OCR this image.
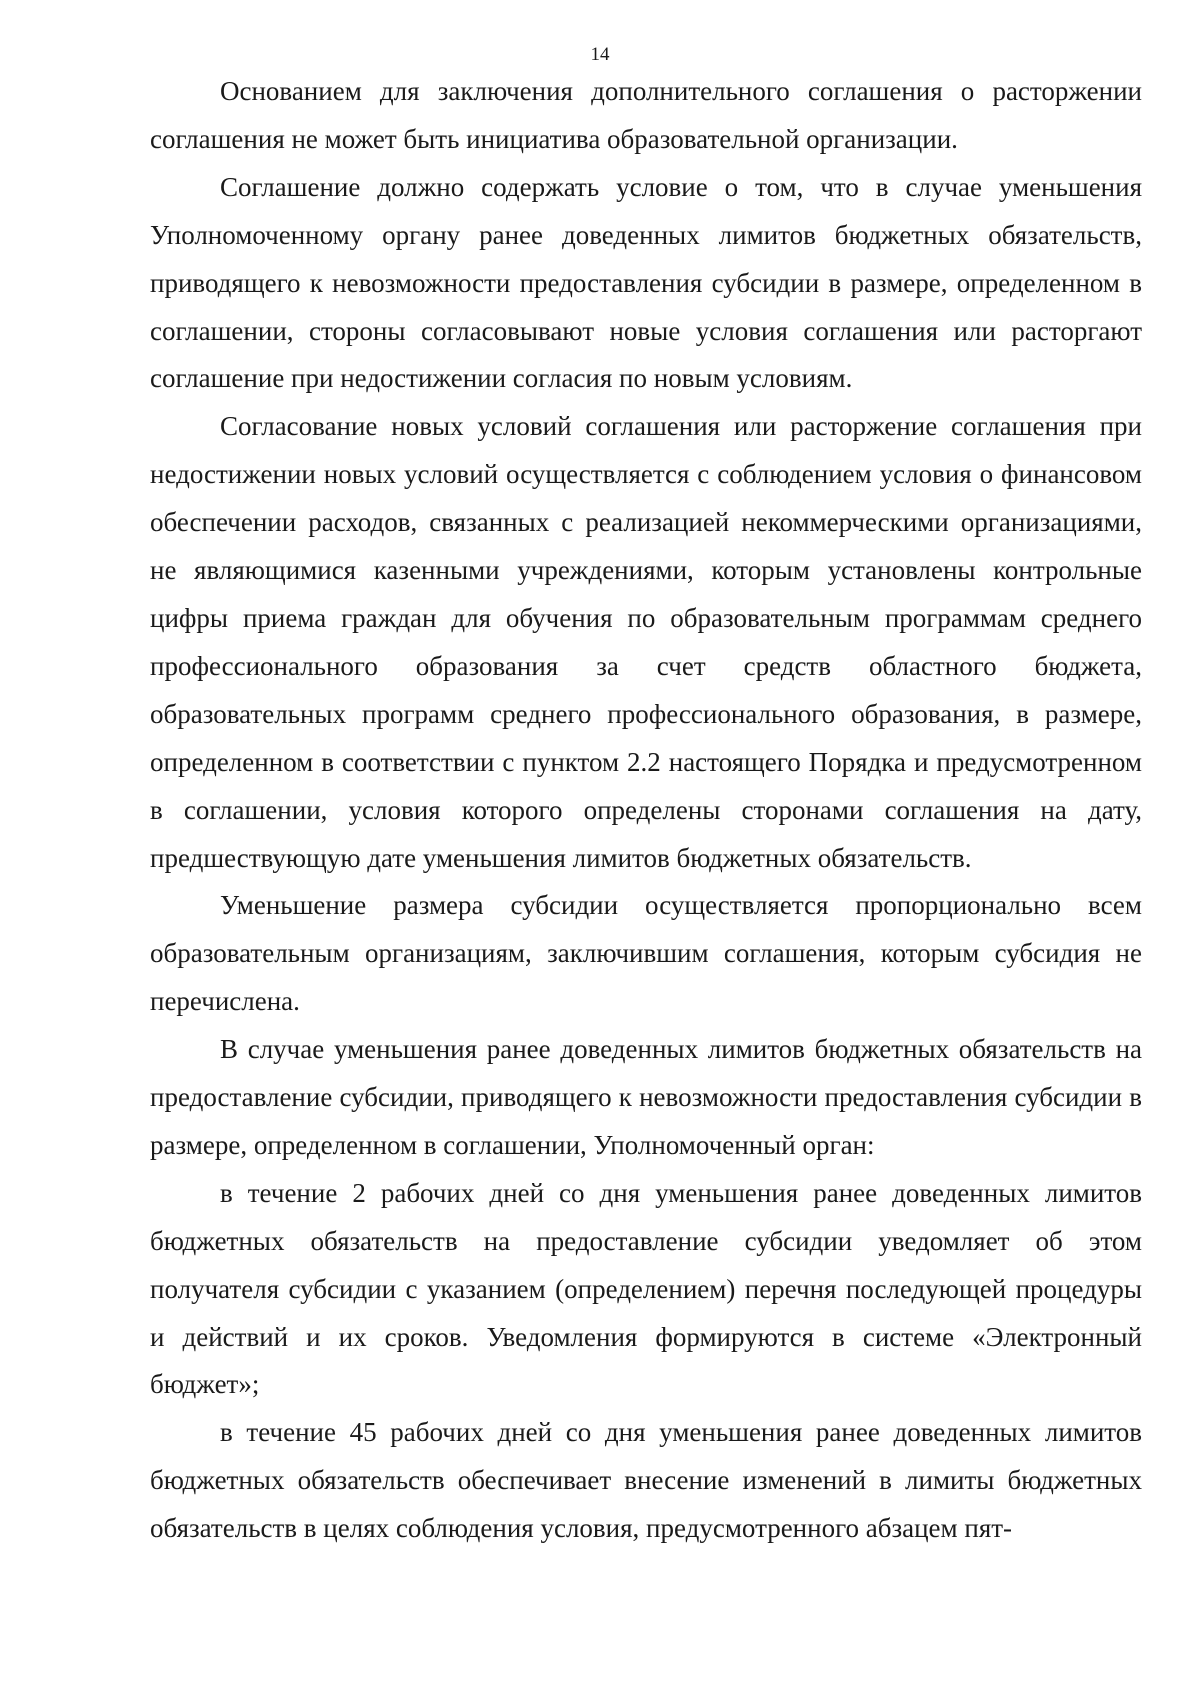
14

Основанием для заключения дополнительного соглашения о расторжении соглашения не может быть инициатива образовательной организации.

Соглашение должно содержать условие о том, что в случае уменьшения Уполномоченному органу ранее доведенных лимитов бюджетных обязательств, приводящего к невозможности предоставления субсидии в размере, определенном в соглашении, стороны согласовывают новые условия соглашения или расторгают соглашение при недостижении согласия по новым условиям.

Согласование новых условий соглашения или расторжение соглашения при недостижении новых условий осуществляется с соблюдением условия о финансовом обеспечении расходов, связанных с реализацией некоммерческими организациями, не являющимися казенными учреждениями, которым установлены контрольные цифры приема граждан для обучения по образовательным программам среднего профессионального образования за счет средств областного бюджета, образовательных программ среднего профессионального образования, в размере, определенном в соответствии с пунктом 2.2 настоящего Порядка и предусмотренном в соглашении, условия которого определены сторонами соглашения на дату, предшествующую дате уменьшения лимитов бюджетных обязательств.

Уменьшение размера субсидии осуществляется пропорционально всем образовательным организациям, заключившим соглашения, которым субсидия не перечислена.

В случае уменьшения ранее доведенных лимитов бюджетных обязательств на предоставление субсидии, приводящего к невозможности предоставления субсидии в размере, определенном в соглашении, Уполномоченный орган:

в течение 2 рабочих дней со дня уменьшения ранее доведенных лимитов бюджетных обязательств на предоставление субсидии уведомляет об этом получателя субсидии с указанием (определением) перечня последующей процедуры и действий и их сроков. Уведомления формируются в системе «Электронный бюджет»;

в течение 45 рабочих дней со дня уменьшения ранее доведенных лимитов бюджетных обязательств обеспечивает внесение изменений в лимиты бюджетных обязательств в целях соблюдения условия, предусмотренного абзацем пят-
